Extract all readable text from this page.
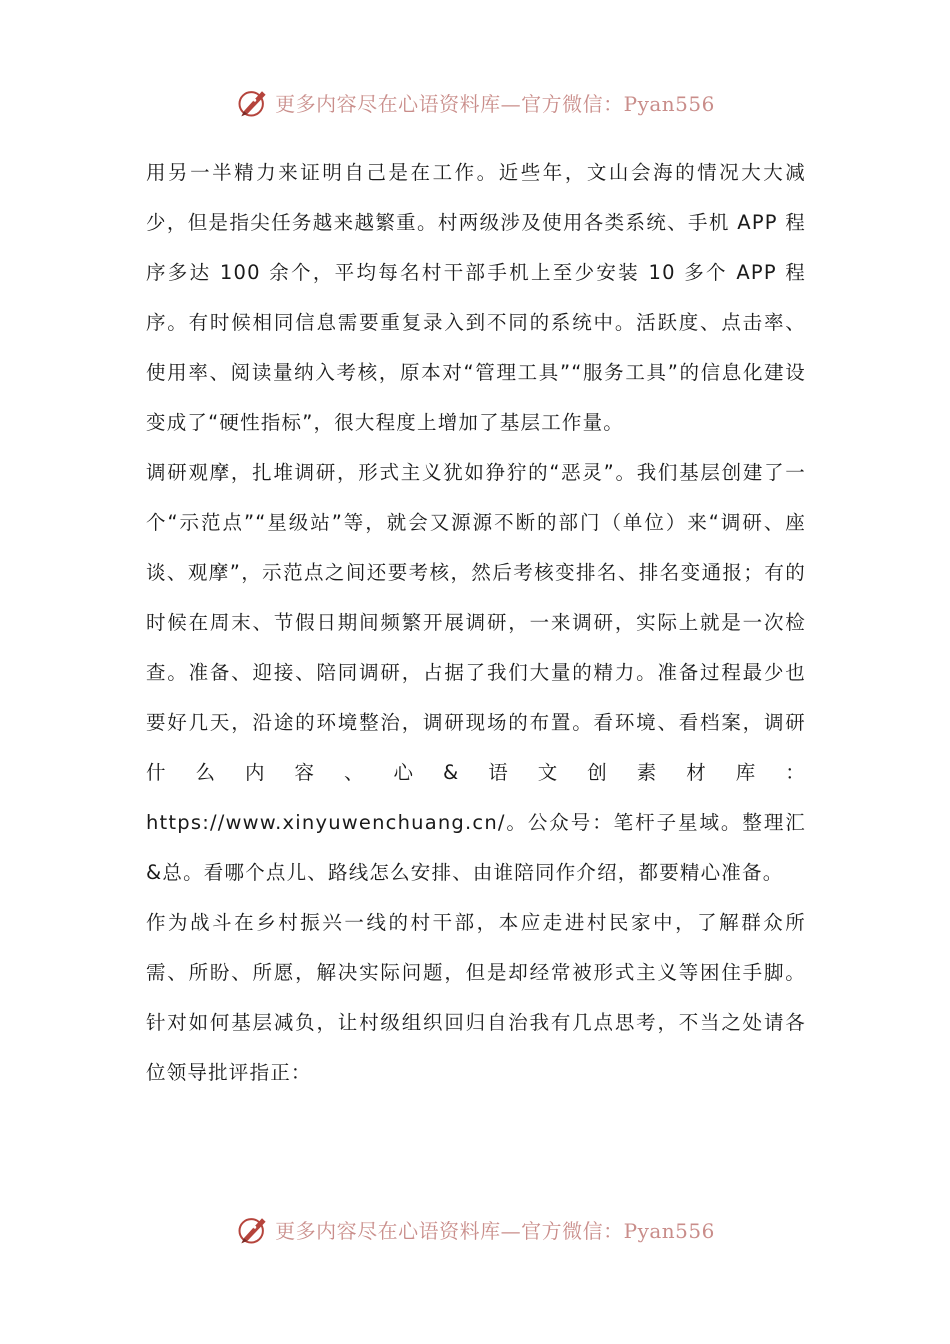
更多内容尽在心语资料库—官方微信：Pyan556

用另一半精力来证明自己是在工作。近些年，文山会海的情况大大减少，但是指尖任务越来越繁重。村两级涉及使用各类系统、手机 APP 程序多达 100 余个，平均每名村干部手机上至少安装 10 多个 APP 程序。有时候相同信息需要重复录入到不同的系统中。活跃度、点击率、使用率、阅读量纳入考核，原本对“管理工具”“服务工具”的信息化建设变成了“硬性指标”，很大程度上增加了基层工作量。

调研观摩，扎堆调研，形式主义犹如狰狞的“恶灵”。我们基层创建了一个“示范点”“星级站”等，就会又源源不断的部门（单位）来“调研、座谈、观摩”，示范点之间还要考核，然后考核变排名、排名变通报；有的时候在周末、节假日期间频繁开展调研，一来调研，实际上就是一次检查。准备、迎接、陪同调研，占据了我们大量的精力。准备过程最少也要好几天，沿途的环境整治，调研现场的布置。看环境、看档案，调研什么内容、心&语文创素材库：https://www.xinyuwenchuang.cn/。公众号：笔杆子星域。整理汇&总。看哪个点儿、路线怎么安排、由谁陪同作介绍，都要精心准备。

作为战斗在乡村振兴一线的村干部，本应走进村民家中，了解群众所需、所盼、所愿，解决实际问题，但是却经常被形式主义等困住手脚。针对如何基层减负，让村级组织回归自治我有几点思考，不当之处请各位领导批评指正：

更多内容尽在心语资料库—官方微信：Pyan556
